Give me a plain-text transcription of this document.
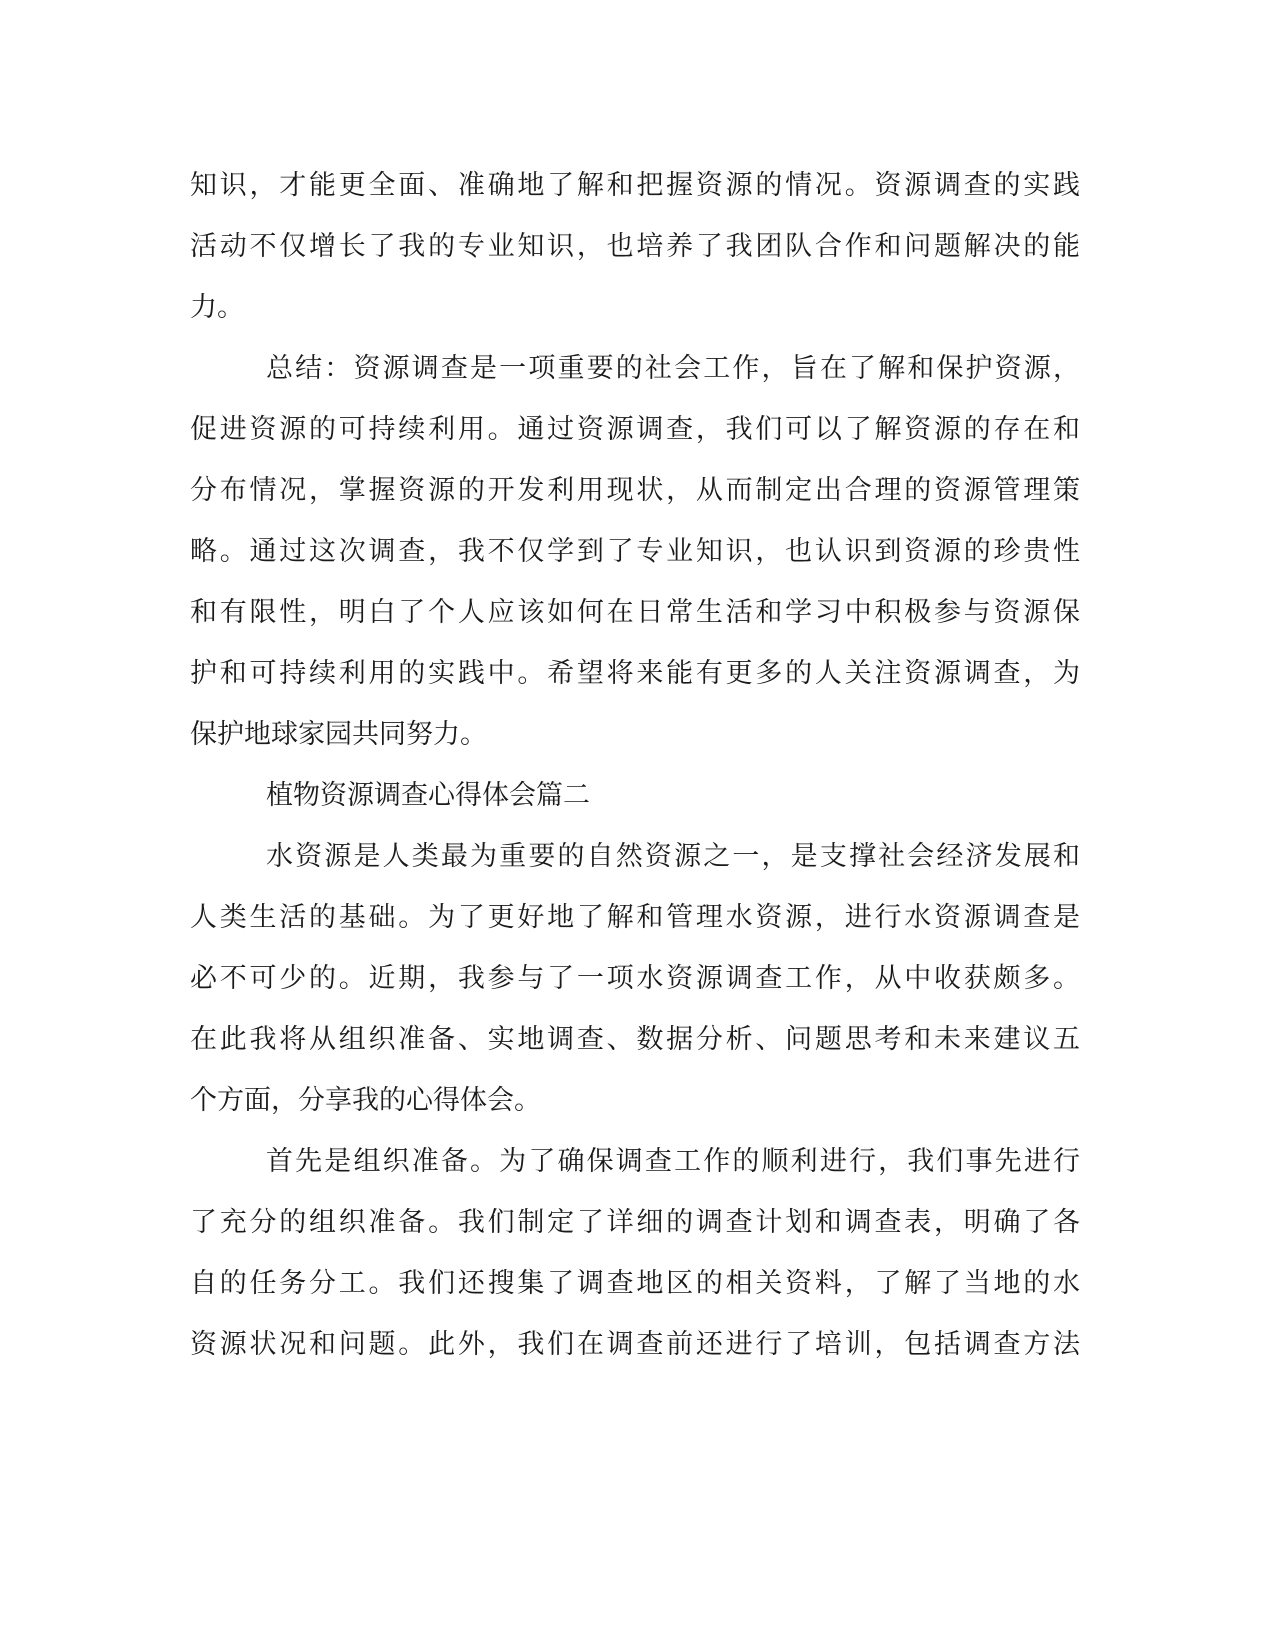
知识，才能更全面、准确地了解和把握资源的情况。资源调查的实践
活动不仅增长了我的专业知识，也培养了我团队合作和问题解决的能
力。
总结：资源调查是一项重要的社会工作，旨在了解和保护资源，
促进资源的可持续利用。通过资源调查，我们可以了解资源的存在和
分布情况，掌握资源的开发利用现状，从而制定出合理的资源管理策
略。通过这次调查，我不仅学到了专业知识，也认识到资源的珍贵性
和有限性，明白了个人应该如何在日常生活和学习中积极参与资源保
护和可持续利用的实践中。希望将来能有更多的人关注资源调查，为
保护地球家园共同努力。
植物资源调查心得体会篇二
水资源是人类最为重要的自然资源之一，是支撑社会经济发展和
人类生活的基础。为了更好地了解和管理水资源，进行水资源调查是
必不可少的。近期，我参与了一项水资源调查工作，从中收获颇多。
在此我将从组织准备、实地调查、数据分析、问题思考和未来建议五
个方面，分享我的心得体会。
首先是组织准备。为了确保调查工作的顺利进行，我们事先进行
了充分的组织准备。我们制定了详细的调查计划和调查表，明确了各
自的任务分工。我们还搜集了调查地区的相关资料，了解了当地的水
资源状况和问题。此外，我们在调查前还进行了培训，包括调查方法
